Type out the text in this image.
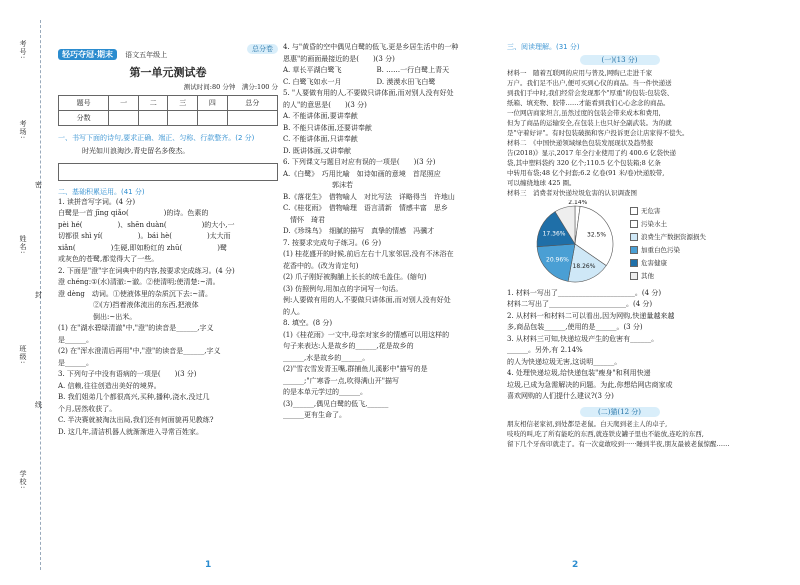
考号:
考场:
姓名:
班级:
学校:
密
封
线
轻巧夺冠·期末 语文五年级上
总分卷
第一单元测试卷
测试时间:80 分钟　满分:100 分
题号	一	二	三	四	总分
分数					
一、书写下面的诗句,要求正确、端正、匀称、行款整齐。(2 分)
时光如川浪淘沙,青史留名多俊杰。
二、基础积累运用。(41 分)
1. 读拼音写字词。(4 分)
白鹭是一首 jīng qiǎo(　　　　　)的诗。色素的
pèi hé(　　　　　)、shēn duàn(　　　　　)的大小,一
切都很 shì yí(　　　　　)。bái hè(　　　　　)太大而
xiǎn(　　　　　)生硬,即如粉红的 zhū(　　　　　)鹭
或灰色的苍鹭,都觉得大了一些。
2. 下面是"澄"字在词典中的内容,按要求完成练习。(4 分)
澄 chéng:①(水)清澈:~澈。②使清明;使清楚:~清。
澄 dèng　动词。①使液体里的杂质沉下去:~清。
　　　　　②(方)挡着液体流出的东西,把液体
　　　　　倒出:~出米。
(1) 在"湖水碧绿清澈"中,"澄"的读音是______,字义
是______。
(2) 在"浑水澄清后再用"中,"澄"的读音是______,字义
是______。
3. 下列句子中没有语病的一项是(　　)(3 分)
A. 信赖,往往创造出美好的境界。
B. 我们姐弟几个都很高兴,买种,播种,浇水,没过几
个月,居然收获了。
C. 半决赛就被淘汰出局,我们还有何面貌再见教练?
D. 这几年,清洁机器人就渐渐进入寻常百姓家。
1
4. 与"黄昏的空中偶见白鹭的低飞,更是乡居生活中的一种
恩惠"的画面最接近的是(　　)(3 分)
A. 草长平湖白鹭飞　　　　　B. ……一行白鹭上青天
C. 白鹭飞如水一月　　　　　D. 漠漠水田飞白鹭
5. "人要做有用的人,不要做只讲体面,而对别人没有好处
的人"的意思是(　　)(3 分)
A. 不能讲体面,要讲奉献
B. 不能只讲体面,还要讲奉献
C. 不能讲体面,只讲奉献
D. 既讲体面,又讲奉献
6. 下列课文与题目对应有误的一项是(　　)(3 分)
A.《白鹭》　巧用比喻　如诗如画的意境　首尾照应
　　　　　　　郭沫若
B.《落花生》　借物喻人　对比写法　详略得当　许地山
C.《桂花雨》　借物喻理　语言清新　情感丰富　思乡
　情怀　琦君
D.《珍珠鸟》　细腻的描写　真挚的情感　冯骥才
7. 按要求完成句子练习。(6 分)
(1) 桂花盛开的时候,前后左右十几家邻居,没有不沐浴在
花香中的。(改为肯定句)
(2) 爪子刚好被胸脯上长长的绒毛盖住。(缩句)
(3) 仿照例句,用加点的字词写一句话。
例:人要做有用的人,不要做只讲体面,而对别人没有好处
的人。
8. 填空。(8 分)
(1)《桂花雨》一文中,母亲对家乡的情感可以用这样的
句子来表达:人是故乡的______,花是故乡的
______,水是故乡的______。
(2)"雪衣雪发青玉嘴,群捕鱼儿溪影中"描写的是
______;"广寒香一点,吹得满山开"描写
的是本单元学过的______。
(3)______,偶见白鹭的低飞,______
______更有生命了。
2
三、阅读理解。(31 分)
(一)(13 分)
材料一　随着互联网的应用与普及,网购已走进千家
万户。我们足不出户,便可买到心仪的商品。当一件快递送
到我们手中时,我们经常会发现那个"厚重"的包装:包装袋、
纸箱、填充物、胶带……才能看到我们心心念念的商品。
一位网店商家坦言,虽然过度的包装会带来成本和费用,
但为了商品的运输安全,在包装上也只好全副武装。为的就
是"守着好评"。有时包装破损和客户投诉更会让店家得不偿失。
材料二　《中国快递领域绿色包装发展现状及趋势报
告(2018)》显示,2017 年全行业使用了约 400.6 亿袋快递
袋,其中塑料袋约 320 亿个;110.5 亿个包装箱;8 亿条
中转用布袋;48 亿个封套;6.2 亿卷(91 米/卷)快递胶带,
可以缠绕地球 425 圈。
材料三　消费者对快递垃圾危害的认识调查图
2.14%
32.5%
18.26%
20.96%
17.36%
无危害
污染水土
浪费生产数据资源损失
加重白色污染
危害健康
其他
1. 材料一写出了______________________。(4 分)
材料二写出了______________________。(4 分)
2. 从材料一和材料二可以看出,因为网购,快递量越来越
多,商品包装______,使用的是______。(3 分)
3. 从材料三可知,快递垃圾产生的危害有______。
______。另外,有 2.14%
的人为快递垃圾无害,这说明______。
4. 处理快递垃圾,给快递包装"瘦身"和利用快递
垃圾,已成为急需解决的问题。为此,你想给网店商家或
喜欢网购的人们提什么建议?(3 分)
(二)猫(12 分)
朋友相信老家初,到处都是老鼠。白天爬到老主人的卓子,
吱吱的叫,吃了所有能吃的东西,就连铁皮罐子里也不能放,连吃的东西,
留下几个牙齿印就走了。有一次竟敢咬到······睡到半夜,朋友最被老鼠惊醒……
